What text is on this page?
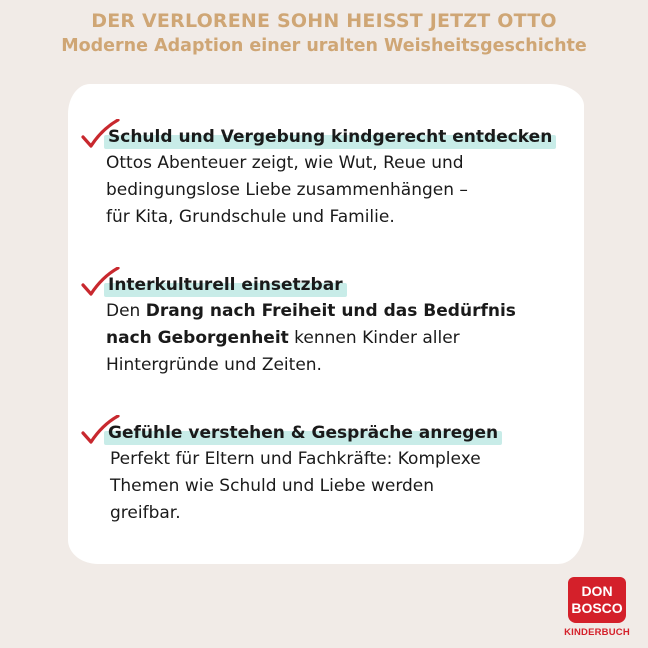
DER VERLORENE SOHN HEISST JETZT OTTO
Moderne Adaption einer uralten Weisheitsgeschichte
Schuld und Vergebung kindgerecht entdecken
Ottos Abenteuer zeigt, wie Wut, Reue und
bedingungslose Liebe zusammenhängen –
für Kita, Grundschule und Familie.
Interkulturell einsetzbar
Den Drang nach Freiheit und das Bedürfnis
nach Geborgenheit kennen Kinder aller
Hintergründe und Zeiten.
Gefühle verstehen & Gespräche anregen
Perfekt für Eltern und Fachkräfte: Komplexe
Themen wie Schuld und Liebe werden
greifbar.
DON
BOSCO
KINDERBUCH
